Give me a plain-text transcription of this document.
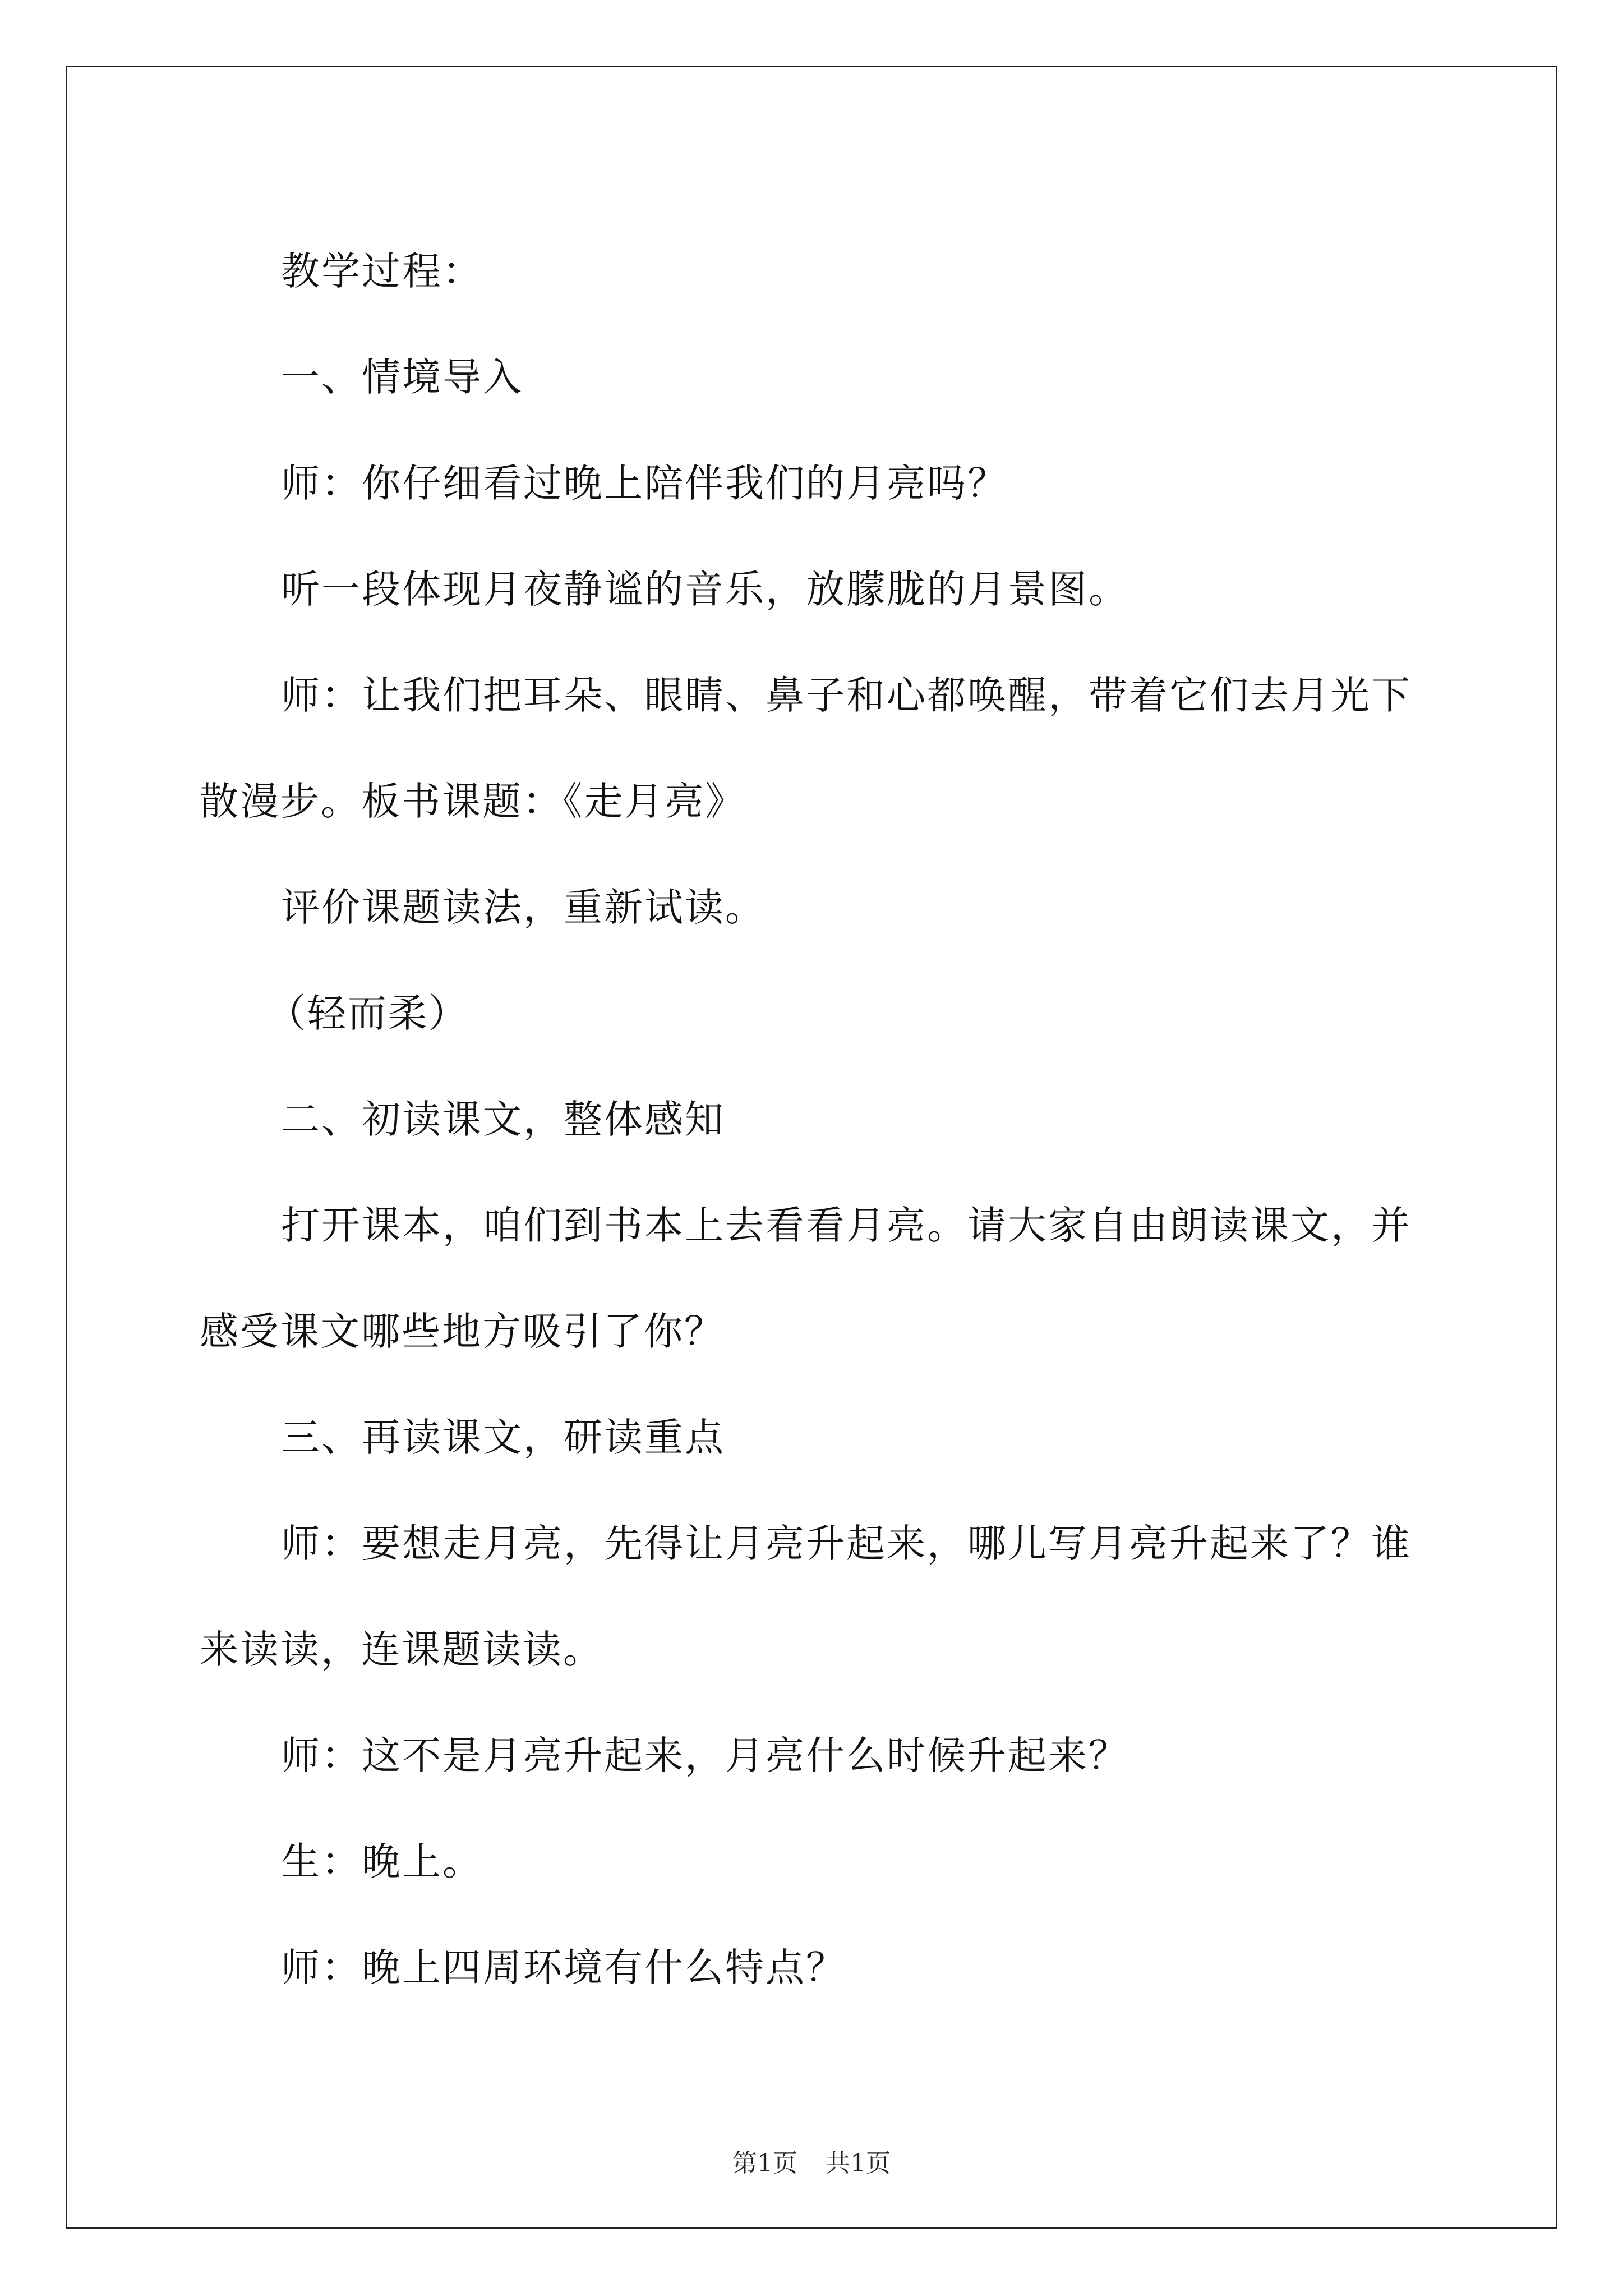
教学过程：

一、情境导入

师：你仔细看过晚上陪伴我们的月亮吗？

听一段体现月夜静谧的音乐，放朦胧的月景图。

师：让我们把耳朵、眼睛、鼻子和心都唤醒，带着它们去月光下散漫步。板书课题：《走月亮》

评价课题读法，重新试读。

（轻而柔）

二、初读课文，整体感知

打开课本，咱们到书本上去看看月亮。请大家自由朗读课文，并感受课文哪些地方吸引了你？

三、再读课文，研读重点

师：要想走月亮，先得让月亮升起来，哪儿写月亮升起来了？谁来读读，连课题读读。

师：这不是月亮升起来，月亮什么时候升起来？

生：晚上。

师：晚上四周环境有什么特点？

第1页 共1页
